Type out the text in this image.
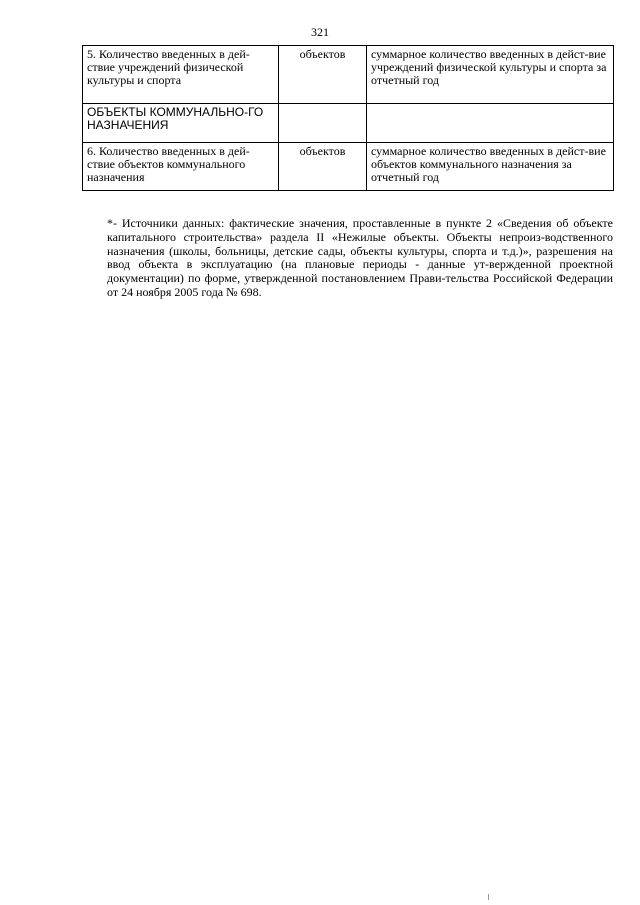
321
5. Количество введенных в дей-ствие учреждений физической культуры и спорта	объектов	суммарное количество введенных в дейст-вие учреждений физической культуры и спорта за отчетный год
ОБЪЕКТЫ КОММУНАЛЬНО-ГО НАЗНАЧЕНИЯ		
6. Количество введенных в дей-ствие объектов коммунального назначения	объектов	суммарное количество введенных в дейст-вие объектов коммунального назначения за отчетный год

*- Источники данных: фактические значения, проставленные в пункте 2 «Сведения об объекте капитального строительства» раздела II «Нежилые объекты. Объекты непроиз-водственного назначения (школы, больницы, детские сады, объекты культуры, спорта и т.д.)», разрешения на ввод объекта в эксплуатацию (на плановые периоды - данные ут-вержденной проектной документации) по форме, утвержденной постановлением Прави-тельства Российской Федерации от 24 ноября 2005 года № 698.
